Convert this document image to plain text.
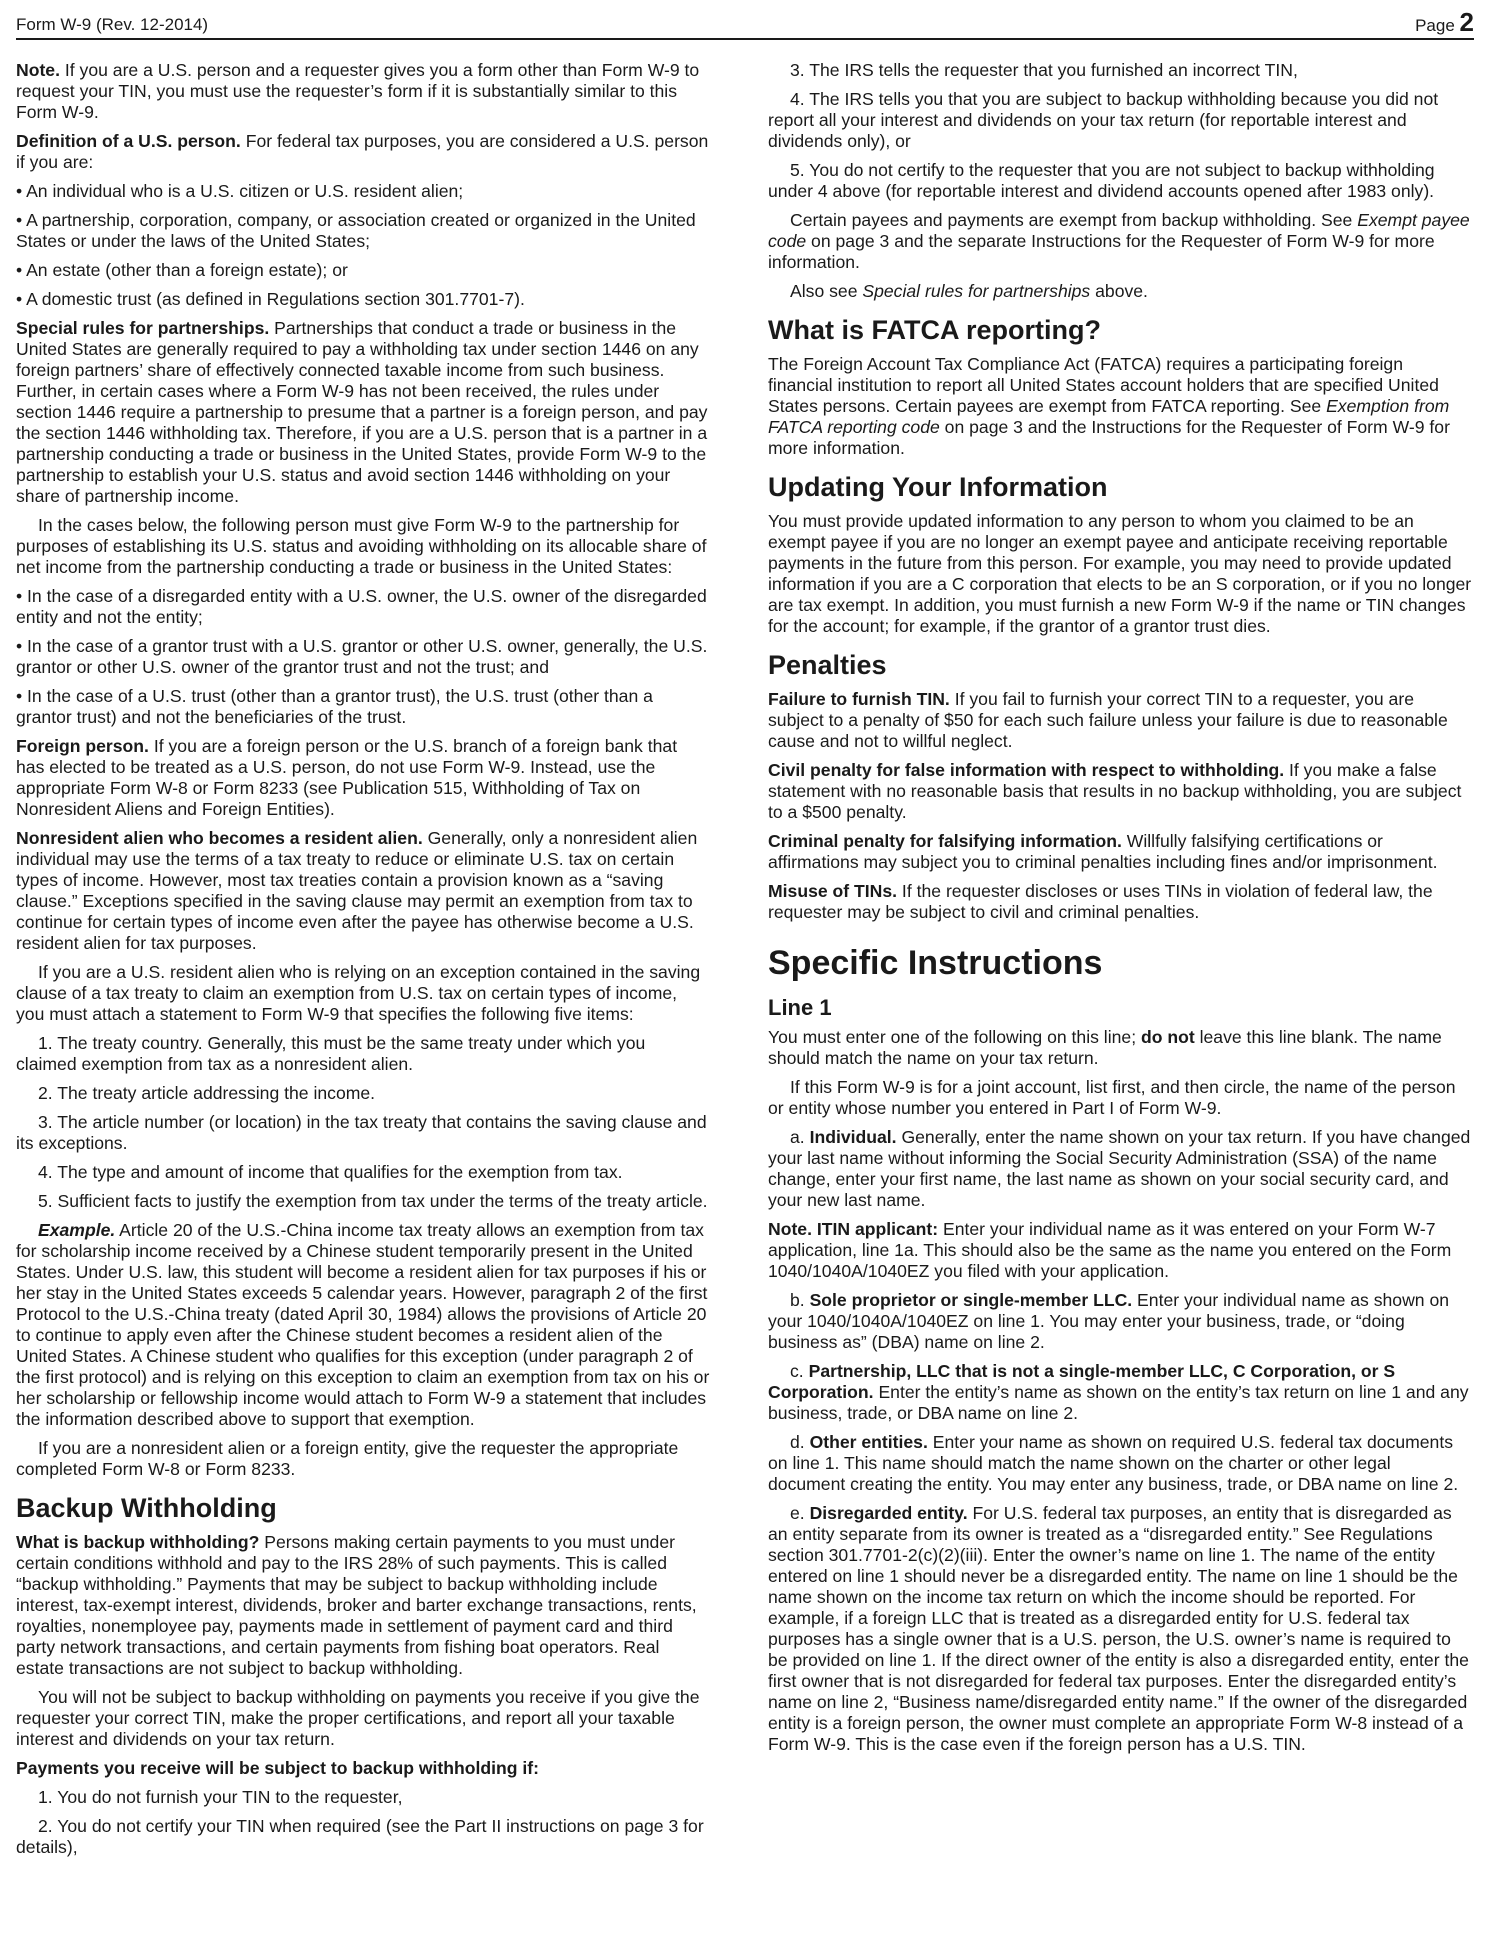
Form W-9 (Rev. 12-2014)	Page 2

Note. If you are a U.S. person and a requester gives you a form other than Form W-9 to request your TIN, you must use the requester’s form if it is substantially similar to this Form W-9.

Definition of a U.S. person. For federal tax purposes, you are considered a U.S. person if you are:

• An individual who is a U.S. citizen or U.S. resident alien;

• A partnership, corporation, company, or association created or organized in the United States or under the laws of the United States;

• An estate (other than a foreign estate); or

• A domestic trust (as defined in Regulations section 301.7701-7).

Special rules for partnerships. Partnerships that conduct a trade or business in the United States are generally required to pay a withholding tax under section 1446 on any foreign partners’ share of effectively connected taxable income from such business. Further, in certain cases where a Form W-9 has not been received, the rules under section 1446 require a partnership to presume that a partner is a foreign person, and pay the section 1446 withholding tax. Therefore, if you are a U.S. person that is a partner in a partnership conducting a trade or business in the United States, provide Form W-9 to the partnership to establish your U.S. status and avoid section 1446 withholding on your share of partnership income.

In the cases below, the following person must give Form W-9 to the partnership for purposes of establishing its U.S. status and avoiding withholding on its allocable share of net income from the partnership conducting a trade or business in the United States:

• In the case of a disregarded entity with a U.S. owner, the U.S. owner of the disregarded entity and not the entity;

• In the case of a grantor trust with a U.S. grantor or other U.S. owner, generally, the U.S. grantor or other U.S. owner of the grantor trust and not the trust; and

• In the case of a U.S. trust (other than a grantor trust), the U.S. trust (other than a grantor trust) and not the beneficiaries of the trust.

Foreign person. If you are a foreign person or the U.S. branch of a foreign bank that has elected to be treated as a U.S. person, do not use Form W-9. Instead, use the appropriate Form W-8 or Form 8233 (see Publication 515, Withholding of Tax on Nonresident Aliens and Foreign Entities).

Nonresident alien who becomes a resident alien. Generally, only a nonresident alien individual may use the terms of a tax treaty to reduce or eliminate U.S. tax on certain types of income. However, most tax treaties contain a provision known as a “saving clause.” Exceptions specified in the saving clause may permit an exemption from tax to continue for certain types of income even after the payee has otherwise become a U.S. resident alien for tax purposes.

If you are a U.S. resident alien who is relying on an exception contained in the saving clause of a tax treaty to claim an exemption from U.S. tax on certain types of income, you must attach a statement to Form W-9 that specifies the following five items:

1. The treaty country. Generally, this must be the same treaty under which you claimed exemption from tax as a nonresident alien.

2. The treaty article addressing the income.

3. The article number (or location) in the tax treaty that contains the saving clause and its exceptions.

4. The type and amount of income that qualifies for the exemption from tax.

5. Sufficient facts to justify the exemption from tax under the terms of the treaty article.

Example. Article 20 of the U.S.-China income tax treaty allows an exemption from tax for scholarship income received by a Chinese student temporarily present in the United States. Under U.S. law, this student will become a resident alien for tax purposes if his or her stay in the United States exceeds 5 calendar years. However, paragraph 2 of the first Protocol to the U.S.-China treaty (dated April 30, 1984) allows the provisions of Article 20 to continue to apply even after the Chinese student becomes a resident alien of the United States. A Chinese student who qualifies for this exception (under paragraph 2 of the first protocol) and is relying on this exception to claim an exemption from tax on his or her scholarship or fellowship income would attach to Form W-9 a statement that includes the information described above to support that exemption.

If you are a nonresident alien or a foreign entity, give the requester the appropriate completed Form W-8 or Form 8233.

Backup Withholding

What is backup withholding? Persons making certain payments to you must under certain conditions withhold and pay to the IRS 28% of such payments. This is called “backup withholding.” Payments that may be subject to backup withholding include interest, tax-exempt interest, dividends, broker and barter exchange transactions, rents, royalties, nonemployee pay, payments made in settlement of payment card and third party network transactions, and certain payments from fishing boat operators. Real estate transactions are not subject to backup withholding.

You will not be subject to backup withholding on payments you receive if you give the requester your correct TIN, make the proper certifications, and report all your taxable interest and dividends on your tax return.

Payments you receive will be subject to backup withholding if:

1. You do not furnish your TIN to the requester,

2. You do not certify your TIN when required (see the Part II instructions on page 3 for details),

3. The IRS tells the requester that you furnished an incorrect TIN,

4. The IRS tells you that you are subject to backup withholding because you did not report all your interest and dividends on your tax return (for reportable interest and dividends only), or

5. You do not certify to the requester that you are not subject to backup withholding under 4 above (for reportable interest and dividend accounts opened after 1983 only).

Certain payees and payments are exempt from backup withholding. See Exempt payee code on page 3 and the separate Instructions for the Requester of Form W-9 for more information.

Also see Special rules for partnerships above.

What is FATCA reporting?

The Foreign Account Tax Compliance Act (FATCA) requires a participating foreign financial institution to report all United States account holders that are specified United States persons. Certain payees are exempt from FATCA reporting. See Exemption from FATCA reporting code on page 3 and the Instructions for the Requester of Form W-9 for more information.

Updating Your Information

You must provide updated information to any person to whom you claimed to be an exempt payee if you are no longer an exempt payee and anticipate receiving reportable payments in the future from this person. For example, you may need to provide updated information if you are a C corporation that elects to be an S corporation, or if you no longer are tax exempt. In addition, you must furnish a new Form W-9 if the name or TIN changes for the account; for example, if the grantor of a grantor trust dies.

Penalties

Failure to furnish TIN. If you fail to furnish your correct TIN to a requester, you are subject to a penalty of $50 for each such failure unless your failure is due to reasonable cause and not to willful neglect.

Civil penalty for false information with respect to withholding. If you make a false statement with no reasonable basis that results in no backup withholding, you are subject to a $500 penalty.

Criminal penalty for falsifying information. Willfully falsifying certifications or affirmations may subject you to criminal penalties including fines and/or imprisonment.

Misuse of TINs. If the requester discloses or uses TINs in violation of federal law, the requester may be subject to civil and criminal penalties.

Specific Instructions
Line 1

You must enter one of the following on this line; do not leave this line blank. The name should match the name on your tax return.

If this Form W-9 is for a joint account, list first, and then circle, the name of the person or entity whose number you entered in Part I of Form W-9.

a. Individual. Generally, enter the name shown on your tax return. If you have changed your last name without informing the Social Security Administration (SSA) of the name change, enter your first name, the last name as shown on your social security card, and your new last name.

Note. ITIN applicant: Enter your individual name as it was entered on your Form W-7 application, line 1a. This should also be the same as the name you entered on the Form 1040/1040A/1040EZ you filed with your application.

b. Sole proprietor or single-member LLC. Enter your individual name as shown on your 1040/1040A/1040EZ on line 1. You may enter your business, trade, or “doing business as” (DBA) name on line 2.

c. Partnership, LLC that is not a single-member LLC, C Corporation, or S Corporation. Enter the entity’s name as shown on the entity’s tax return on line 1 and any business, trade, or DBA name on line 2.

d. Other entities. Enter your name as shown on required U.S. federal tax documents on line 1. This name should match the name shown on the charter or other legal document creating the entity. You may enter any business, trade, or DBA name on line 2.

e. Disregarded entity. For U.S. federal tax purposes, an entity that is disregarded as an entity separate from its owner is treated as a “disregarded entity.” See Regulations section 301.7701-2(c)(2)(iii). Enter the owner’s name on line 1. The name of the entity entered on line 1 should never be a disregarded entity. The name on line 1 should be the name shown on the income tax return on which the income should be reported. For example, if a foreign LLC that is treated as a disregarded entity for U.S. federal tax purposes has a single owner that is a U.S. person, the U.S. owner’s name is required to be provided on line 1. If the direct owner of the entity is also a disregarded entity, enter the first owner that is not disregarded for federal tax purposes. Enter the disregarded entity’s name on line 2, “Business name/disregarded entity name.” If the owner of the disregarded entity is a foreign person, the owner must complete an appropriate Form W-8 instead of a Form W-9. This is the case even if the foreign person has a U.S. TIN.
